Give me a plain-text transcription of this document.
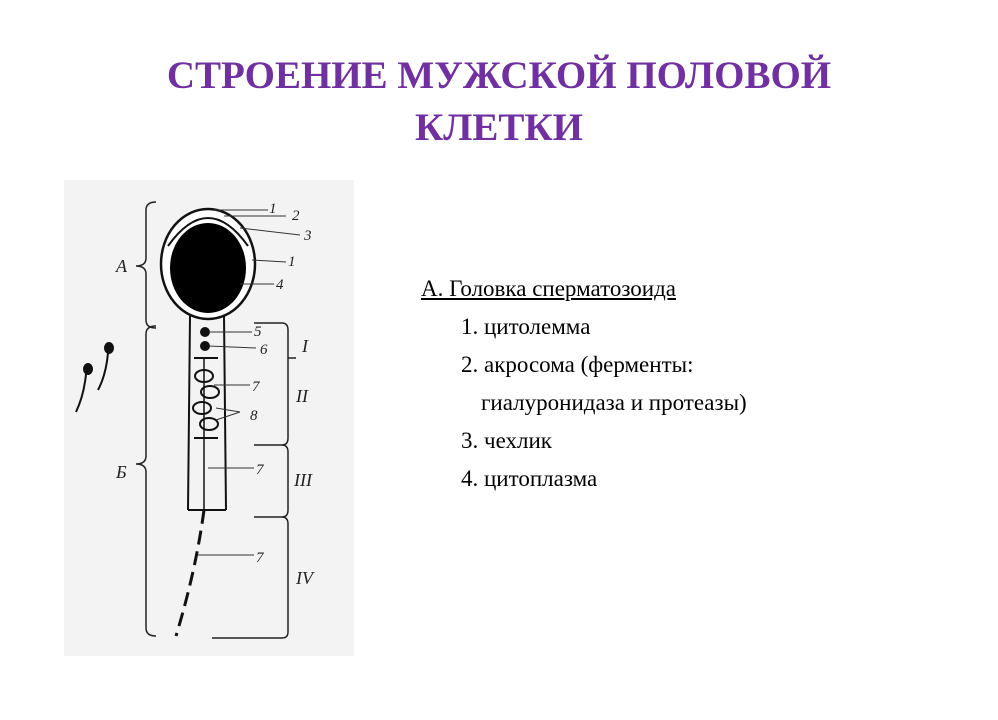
СТРОЕНИЕ МУЖСКОЙ ПОЛОВОЙ
КЛЕТКИ
А
Б
1 2
3
1
4
5
6
7
8
7
7
I
II
III
IV
А. Головка сперматозоида
1. цитолемма
2. акросома (ферменты:
гиалуронидаза и протеазы)
3. чехлик
4. цитоплазма
